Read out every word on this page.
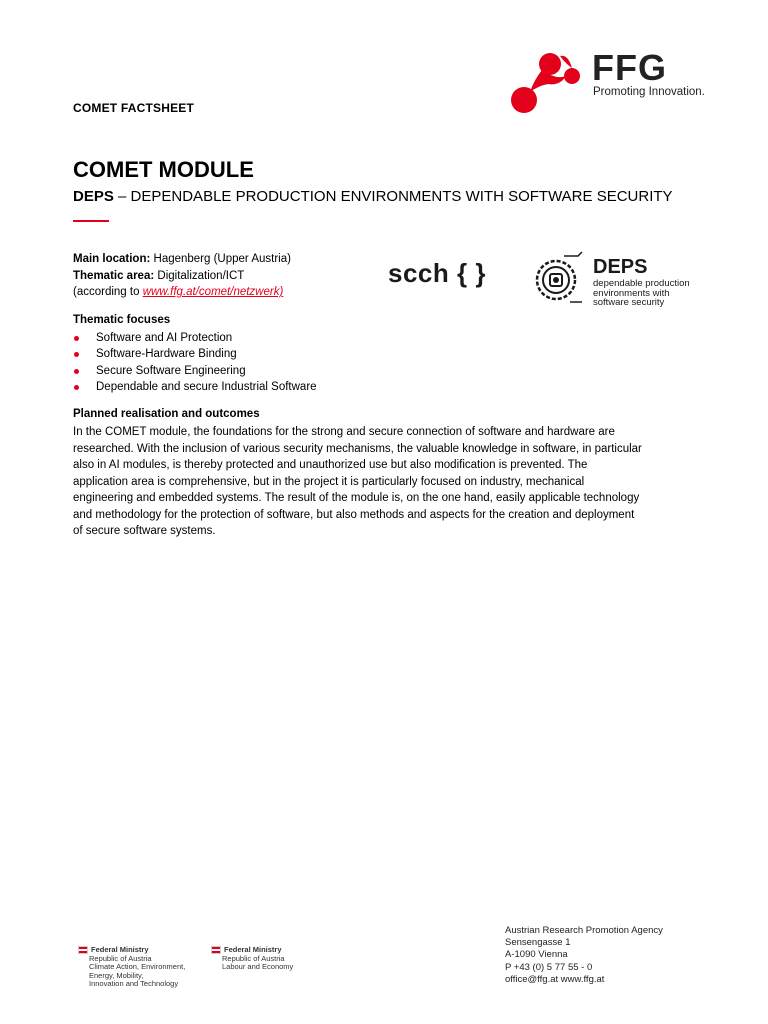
COMET FACTSHEET
FFG
Promoting Innovation.
COMET MODULE
DEPS – DEPENDABLE PRODUCTION ENVIRONMENTS WITH SOFTWARE SECURITY
Main location: Hagenberg (Upper Austria)
Thematic area: Digitalization/ICT
(according to www.ffg.at/comet/netzwerk)
scch { }	DEPS
dependable production
environments with
software security
Thematic focuses
Software and AI Protection
Software-Hardware Binding
Secure Software Engineering
Dependable and secure Industrial Software
Planned realisation and outcomes
In the COMET module, the foundations for the strong and secure connection of software and hardware are
researched. With the inclusion of various security mechanisms, the valuable knowledge in software, in particular
also in AI modules, is thereby protected and unauthorized use but also modification is prevented. The
application area is comprehensive, but in the project it is particularly focused on industry, mechanical
engineering and embedded systems. The result of the module is, on the one hand, easily applicable technology
and methodology for the protection of software, but also methods and aspects for the creation and deployment
of secure software systems.
Federal Ministry
Republic of Austria
Climate Action, Environment,
Energy, Mobility,
Innovation and Technology
Federal Ministry
Republic of Austria
Labour and Economy
Austrian Research Promotion Agency
Sensengasse 1
A-1090 Vienna
P +43 (0) 5 77 55 - 0
office@ffg.at www.ffg.at
